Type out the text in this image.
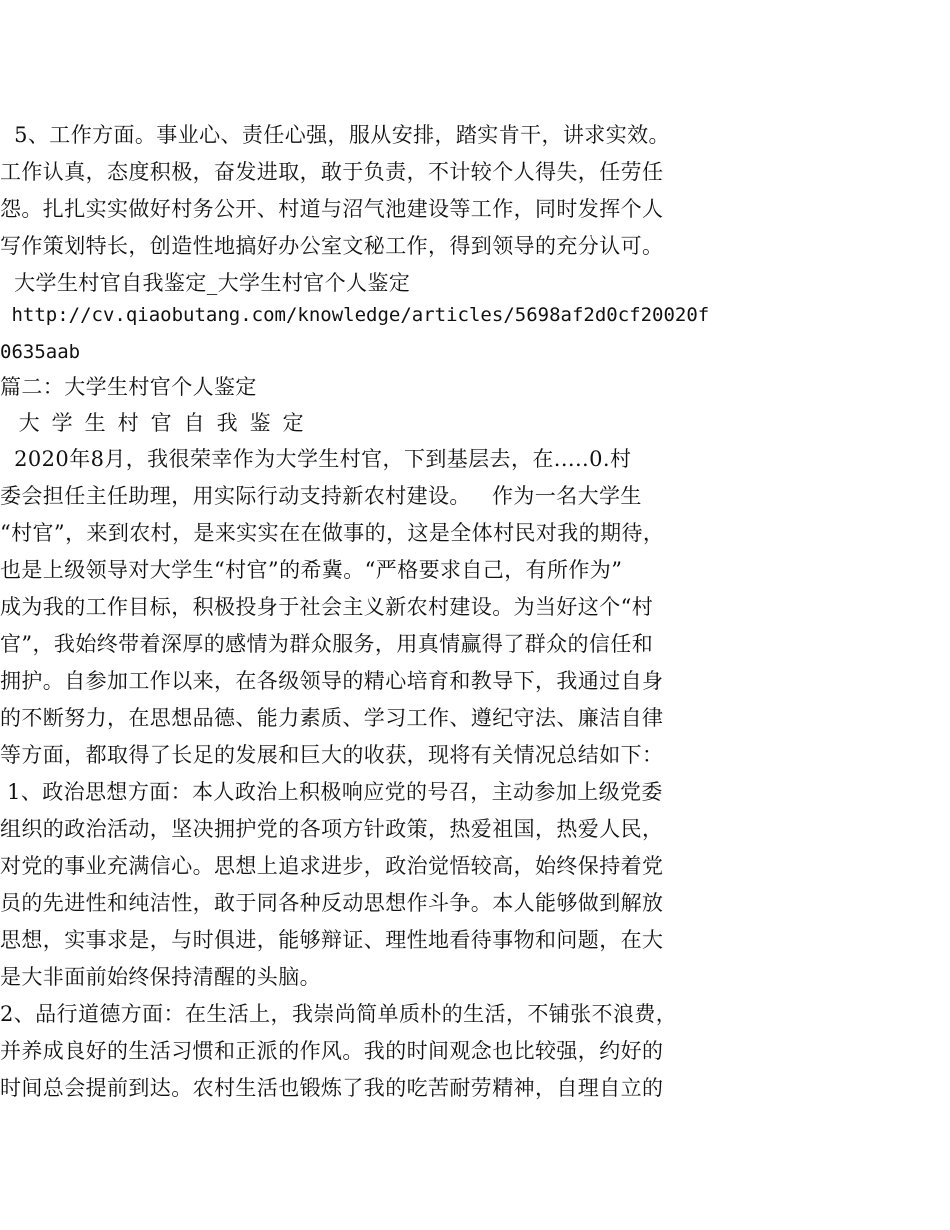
5、工作方面。事业心、责任心强，服从安排，踏实肯干，讲求实效。
工作认真，态度积极，奋发进取，敢于负责，不计较个人得失，任劳任
怨。扎扎实实做好村务公开、村道与沼气池建设等工作，同时发挥个人
写作策划特长，创造性地搞好办公室文秘工作，得到领导的充分认可。
大学生村官自我鉴定_大学生村官个人鉴定
http://cv.qiaobutang.com/knowledge/articles/5698af2d0cf20020f
0635aab
篇二：大学生村官个人鉴定
大学生村官自我鉴定
2020年8月，我很荣幸作为大学生村官，下到基层去，在.....0.村
委会担任主任助理，用实际行动支持新农村建设。   作为一名大学生
“村官”，来到农村，是来实实在在做事的，这是全体村民对我的期待，
也是上级领导对大学生“村官”的希冀。“严格要求自己，有所作为”
成为我的工作目标，积极投身于社会主义新农村建设。为当好这个“村
官”，我始终带着深厚的感情为群众服务，用真情赢得了群众的信任和
拥护。自参加工作以来，在各级领导的精心培育和教导下，我通过自身
的不断努力，在思想品德、能力素质、学习工作、遵纪守法、廉洁自律
等方面，都取得了长足的发展和巨大的收获，现将有关情况总结如下：
1、政治思想方面：本人政治上积极响应党的号召，主动参加上级党委
组织的政治活动，坚决拥护党的各项方针政策，热爱祖国，热爱人民，
对党的事业充满信心。思想上追求进步，政治觉悟较高，始终保持着党
员的先进性和纯洁性，敢于同各种反动思想作斗争。本人能够做到解放
思想，实事求是，与时俱进，能够辩证、理性地看待事物和问题，在大
是大非面前始终保持清醒的头脑。
2、品行道德方面：在生活上，我崇尚简单质朴的生活，不铺张不浪费，
并养成良好的生活习惯和正派的作风。我的时间观念也比较强，约好的
时间总会提前到达。农村生活也锻炼了我的吃苦耐劳精神，自理自立的
